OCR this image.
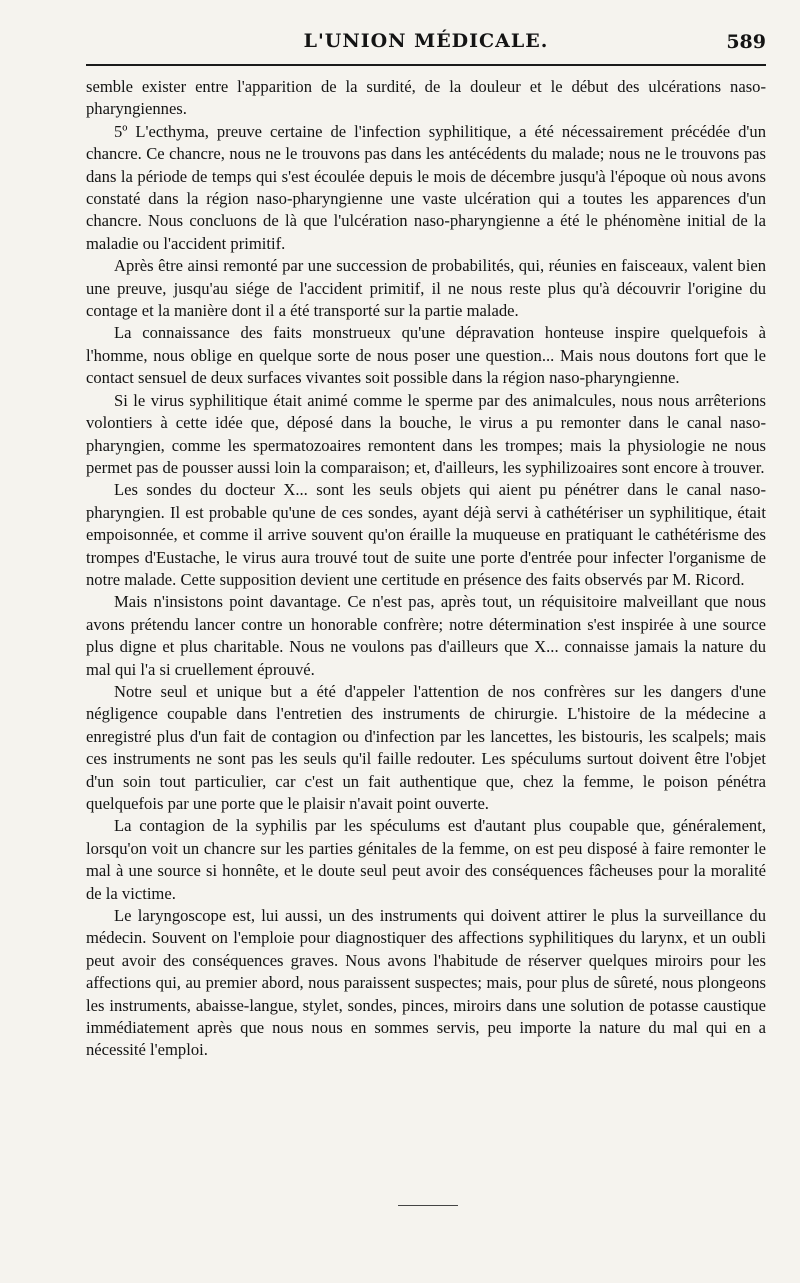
L'UNION MÉDICALE.	589

semble exister entre l'apparition de la surdité, de la douleur et le début des ulcérations naso-pharyngiennes.

5º L'ecthyma, preuve certaine de l'infection syphilitique, a été nécessairement précédée d'un chancre. Ce chancre, nous ne le trouvons pas dans les antécédents du malade; nous ne le trouvons pas dans la période de temps qui s'est écoulée depuis le mois de décembre jusqu'à l'époque où nous avons constaté dans la région naso-pharyngienne une vaste ulcération qui a toutes les apparences d'un chancre. Nous concluons de là que l'ulcération naso-pharyngienne a été le phénomène initial de la maladie ou l'accident primitif.

Après être ainsi remonté par une succession de probabilités, qui, réunies en faisceaux, valent bien une preuve, jusqu'au siége de l'accident primitif, il ne nous reste plus qu'à découvrir l'origine du contage et la manière dont il a été transporté sur la partie malade.

La connaissance des faits monstrueux qu'une dépravation honteuse inspire quelquefois à l'homme, nous oblige en quelque sorte de nous poser une question... Mais nous doutons fort que le contact sensuel de deux surfaces vivantes soit possible dans la région naso-pharyngienne.

Si le virus syphilitique était animé comme le sperme par des animalcules, nous nous arrêterions volontiers à cette idée que, déposé dans la bouche, le virus a pu remonter dans le canal naso-pharyngien, comme les spermatozoaires remontent dans les trompes; mais la physiologie ne nous permet pas de pousser aussi loin la comparaison; et, d'ailleurs, les syphilizoaires sont encore à trouver.

Les sondes du docteur X... sont les seuls objets qui aient pu pénétrer dans le canal naso-pharyngien. Il est probable qu'une de ces sondes, ayant déjà servi à cathétériser un syphilitique, était empoisonnée, et comme il arrive souvent qu'on éraille la muqueuse en pratiquant le cathétérisme des trompes d'Eustache, le virus aura trouvé tout de suite une porte d'entrée pour infecter l'organisme de notre malade. Cette supposition devient une certitude en présence des faits observés par M. Ricord.

Mais n'insistons point davantage. Ce n'est pas, après tout, un réquisitoire malveillant que nous avons prétendu lancer contre un honorable confrère; notre détermination s'est inspirée à une source plus digne et plus charitable. Nous ne voulons pas d'ailleurs que X... connaisse jamais la nature du mal qui l'a si cruellement éprouvé.

Notre seul et unique but a été d'appeler l'attention de nos confrères sur les dangers d'une négligence coupable dans l'entretien des instruments de chirurgie. L'histoire de la médecine a enregistré plus d'un fait de contagion ou d'infection par les lancettes, les bistouris, les scalpels; mais ces instruments ne sont pas les seuls qu'il faille redouter. Les spéculums surtout doivent être l'objet d'un soin tout particulier, car c'est un fait authentique que, chez la femme, le poison pénétra quelquefois par une porte que le plaisir n'avait point ouverte.

La contagion de la syphilis par les spéculums est d'autant plus coupable que, généralement, lorsqu'on voit un chancre sur les parties génitales de la femme, on est peu disposé à faire remonter le mal à une source si honnête, et le doute seul peut avoir des conséquences fâcheuses pour la moralité de la victime.

Le laryngoscope est, lui aussi, un des instruments qui doivent attirer le plus la surveillance du médecin. Souvent on l'emploie pour diagnostiquer des affections syphilitiques du larynx, et un oubli peut avoir des conséquences graves. Nous avons l'habitude de réserver quelques miroirs pour les affections qui, au premier abord, nous paraissent suspectes; mais, pour plus de sûreté, nous plongeons les instruments, abaisse-langue, stylet, sondes, pinces, miroirs dans une solution de potasse caustique immédiatement après que nous nous en sommes servis, peu importe la nature du mal qui en a nécessité l'emploi.
